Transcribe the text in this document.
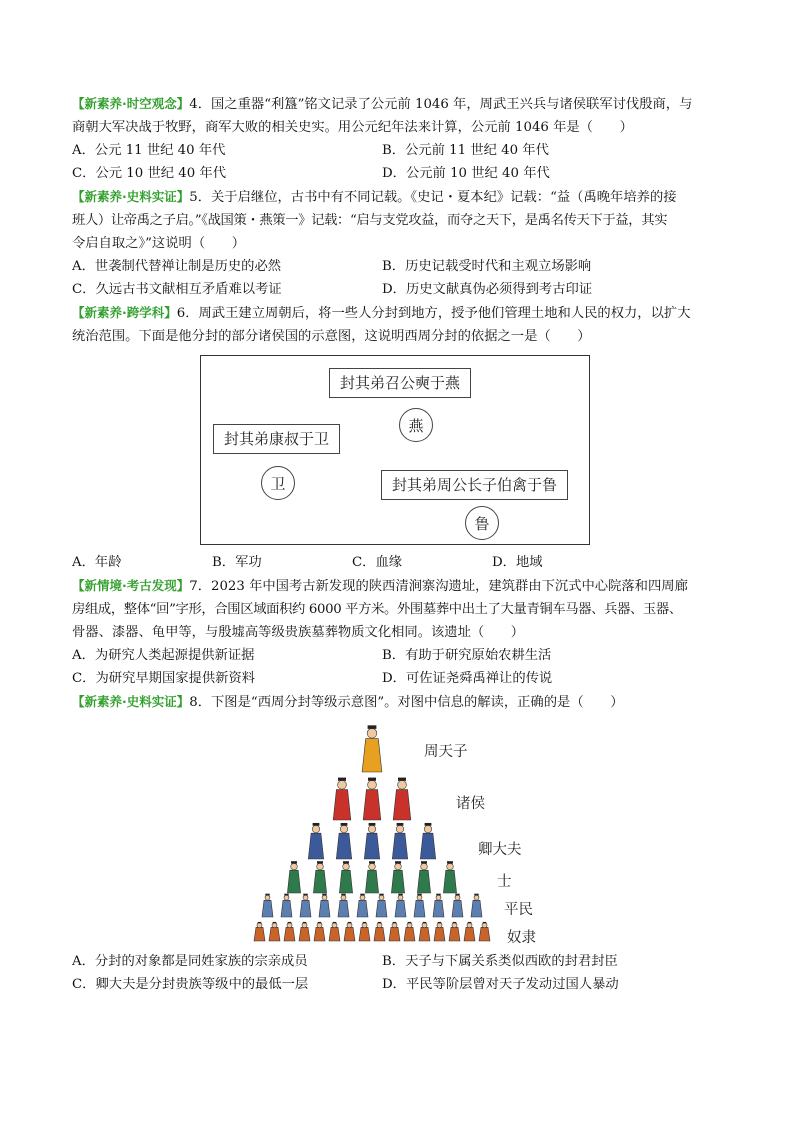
【新素养·时空观念】4．国之重器“利簋”铭文记录了公元前 1046 年，周武王兴兵与诸侯联军讨伐殷商，与
商朝大军决战于牧野，商军大败的相关史实。用公元纪年法来计算，公元前 1046 年是（　　）
A．公元 11 世纪 40 年代	B．公元前 11 世纪 40 年代
C．公元 10 世纪 40 年代	D．公元前 10 世纪 40 年代
【新素养·史料实证】5．关于启继位，古书中有不同记载。《史记・夏本纪》记载：“益（禹晚年培养的接
班人）让帝禹之子启。”《战国策・燕策一》记载：“启与支党攻益，而夺之天下，是禹名传天下于益，其实
令启自取之》”这说明（　　）
A．世袭制代替禅让制是历史的必然	B．历史记载受时代和主观立场影响
C．久远古书文献相互矛盾难以考证	D．历史文献真伪必须得到考古印证
【新素养·跨学科】6．周武王建立周朝后，将一些人分封到地方，授予他们管理土地和人民的权力，以扩大
统治范围。下面是他分封的部分诸侯国的示意图，这说明西周分封的依据之一是（　　）
封其弟召公奭于燕
燕
封其弟康叔于卫
卫	封其弟周公长子伯禽于鲁
鲁
A．年龄	B．军功	C．血缘	D．地域
【新情境·考古发现】7．2023 年中国考古新发现的陕西清涧寨沟遗址，建筑群由下沉式中心院落和四周廊
房组成，整体“回”字形，合围区域面积约 6000 平方米。外围墓葬中出土了大量青铜车马器、兵器、玉器、
骨器、漆器、龟甲等，与殷墟高等级贵族墓葬物质文化相同。该遗址（　　）
A．为研究人类起源提供新证据	B．有助于研究原始农耕生活
C．为研究早期国家提供新资料	D．可佐证尧舜禹禅让的传说
【新素养·史料实证】8．下图是“西周分封等级示意图”。对图中信息的解读，正确的是（　　）
周天子
诸侯
卿大夫
士
平民
奴隶
A．分封的对象都是同姓家族的宗亲成员	B．天子与下属关系类似西欧的封君封臣
C．卿大夫是分封贵族等级中的最低一层	D．平民等阶层曾对天子发动过国人暴动
